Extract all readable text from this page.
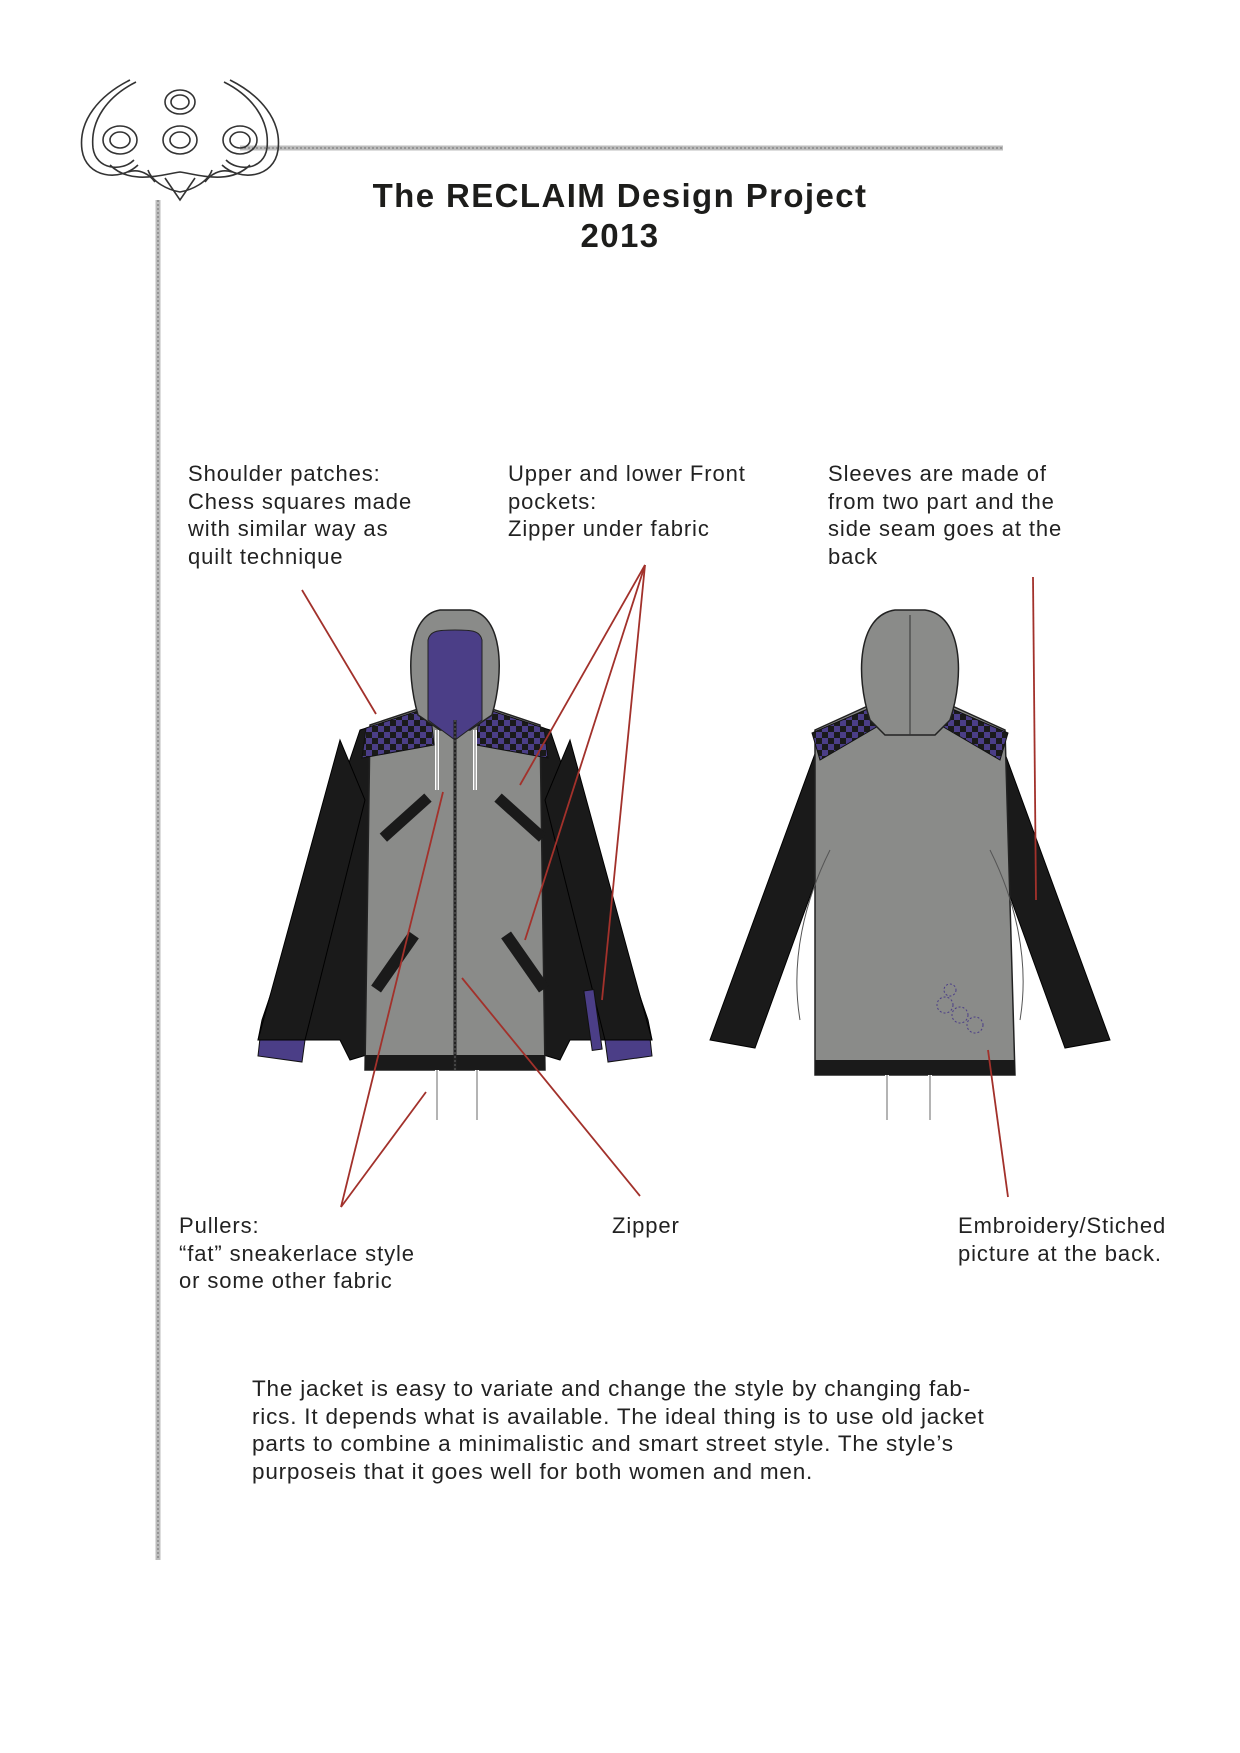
The RECLAIM Design Project
2013
Shoulder patches:
Chess squares made
with similar way as
quilt technique
Upper and lower Front
pockets:
Zipper under fabric
Sleeves are made of
from two part and the
side seam goes at the
back
Pullers:
“fat” sneakerlace style
or some other fabric
Zipper	Embroidery/Stiched
picture at the back.
The jacket is easy to variate and change the style by changing fab-
rics. It depends what is available. The ideal thing is to use old jacket
parts to combine a minimalistic and smart street style. The style’s
purposeis that it goes well for both women and men.
